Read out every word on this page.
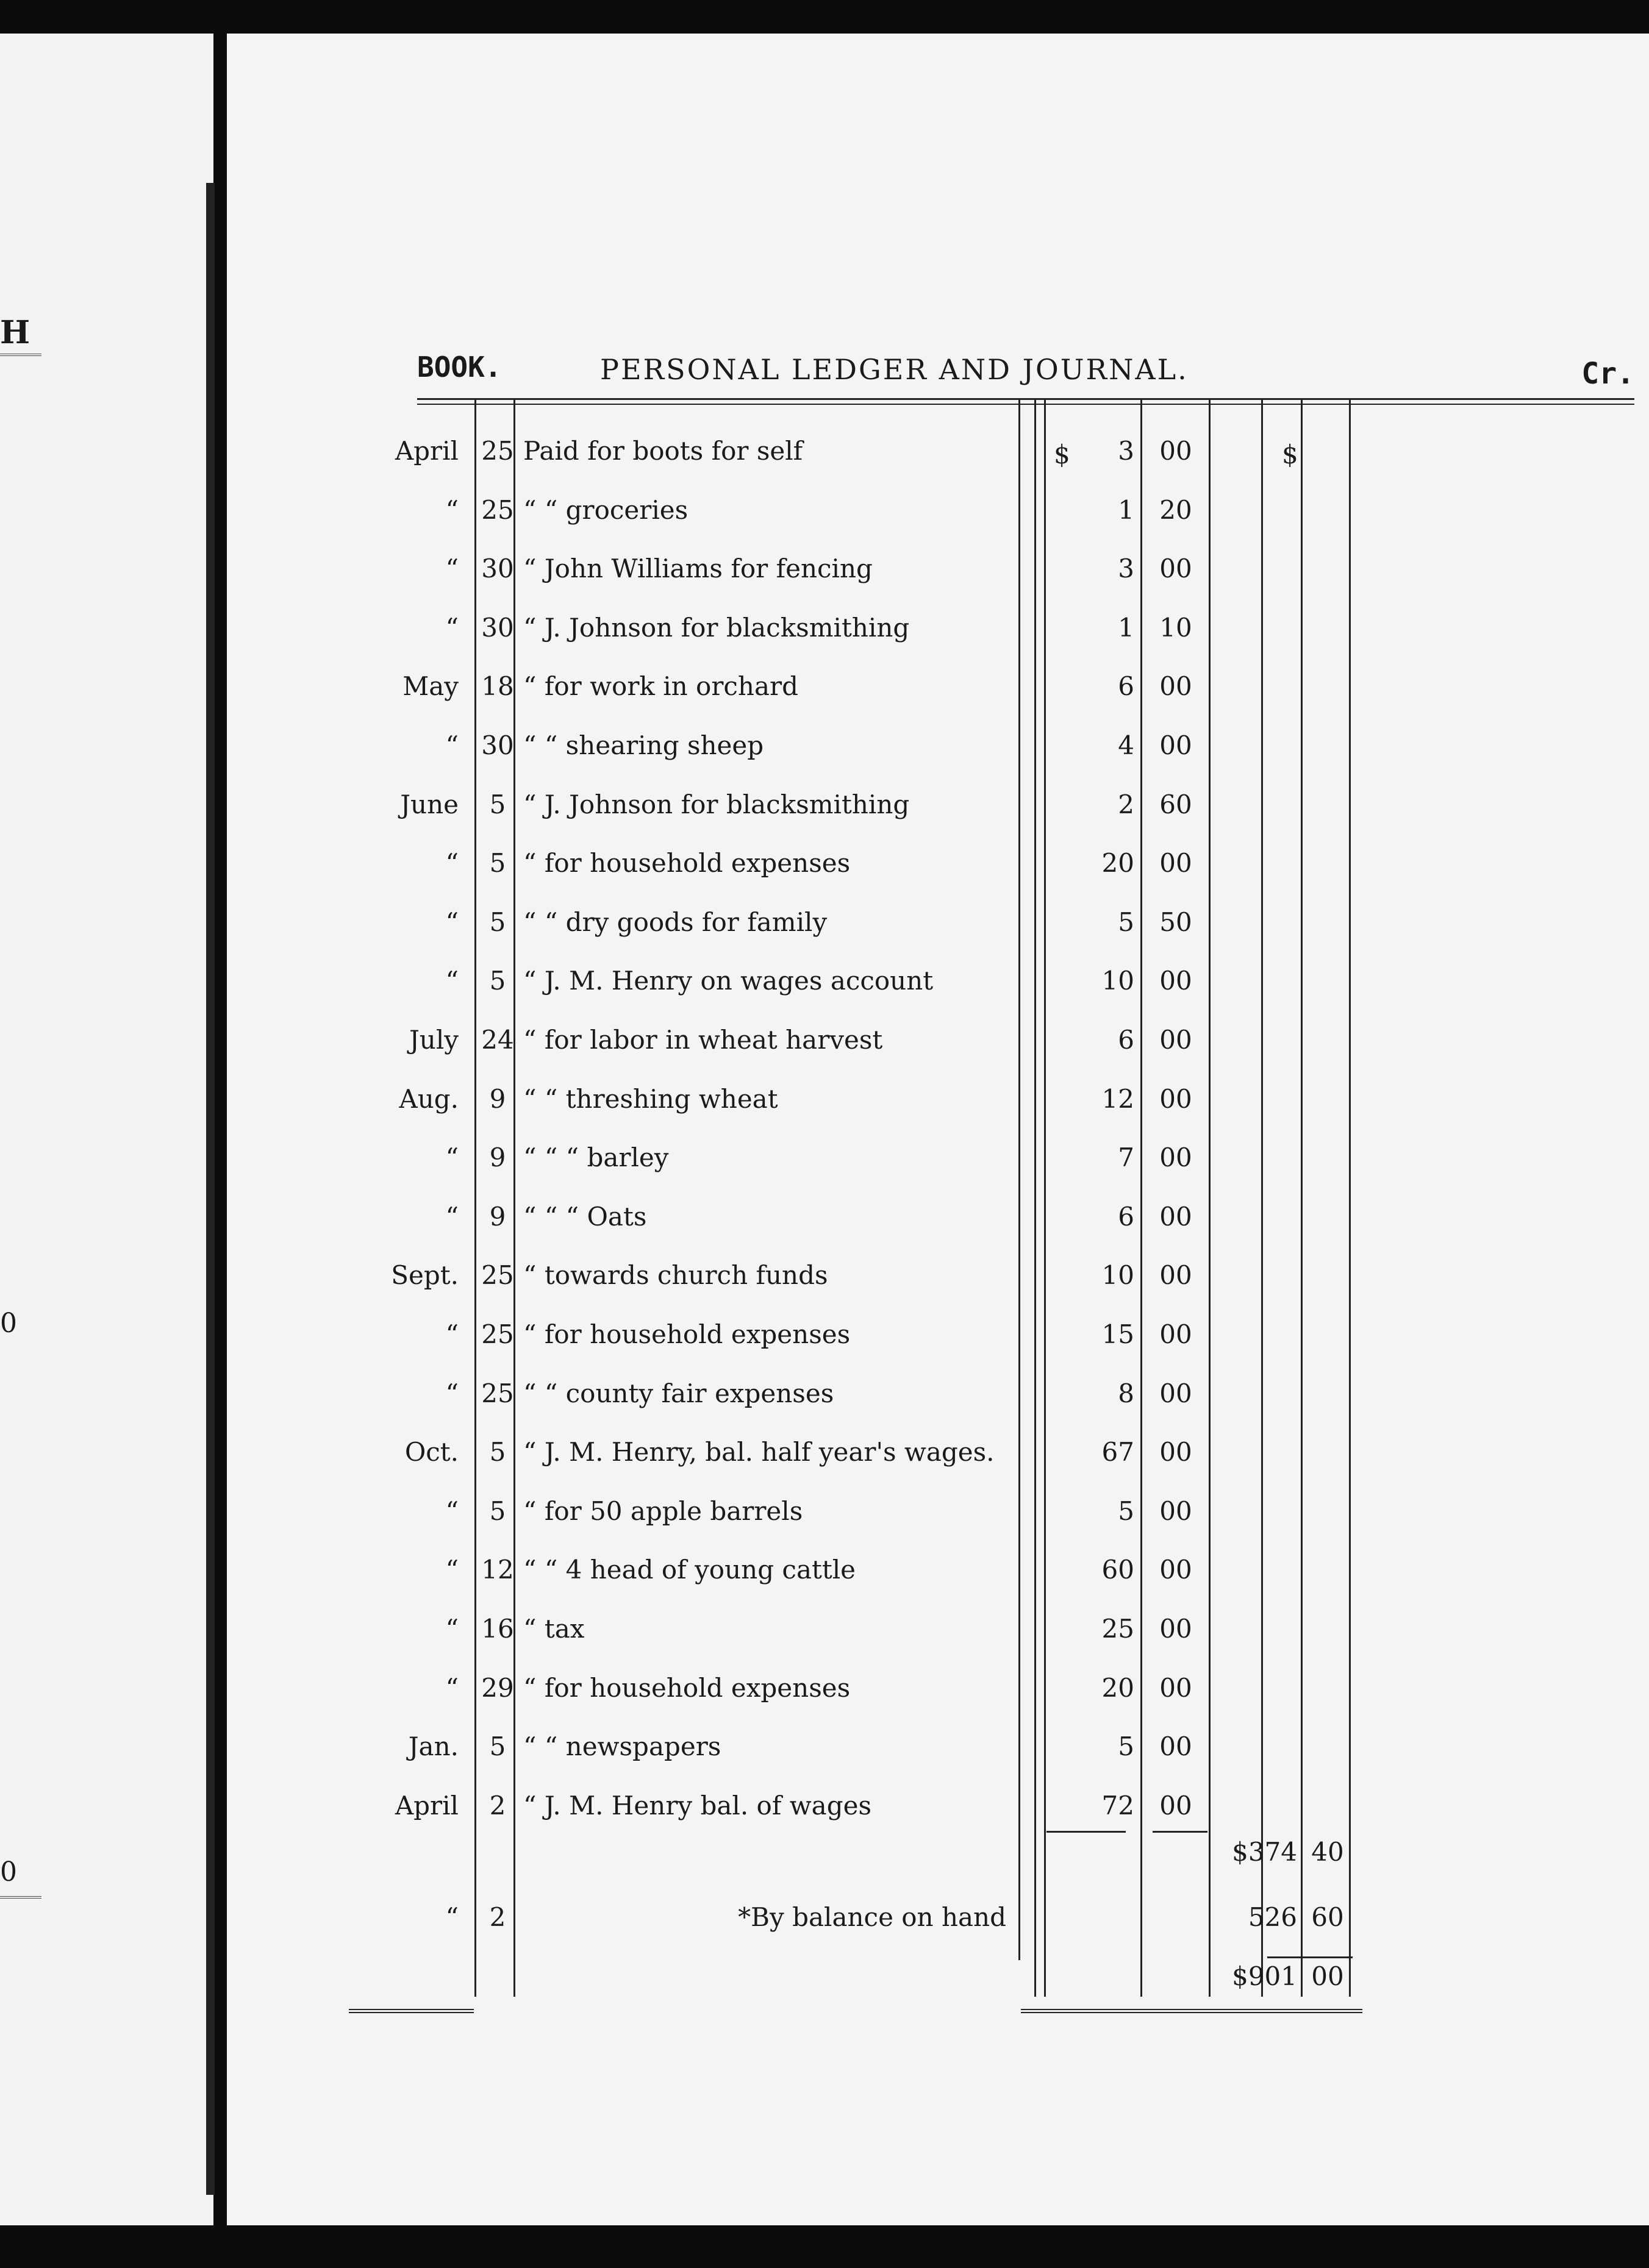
H
0
0
BOOK.	PERSONAL LEDGER AND JOURNAL.	Cr.
April 25 Paid for boots for self	3 00
“ 25 “ “ groceries	1 20
“ 30 “ John Williams for fencing	3 00
“ 30 “ J. Johnson for blacksmithing	1 10
May 18 “ for work in orchard	6 00
“ 30 “ “ shearing sheep	4 00
June	5 “ J. Johnson for blacksmithing	2 60
“	5 “ for household expenses	20 00
“	5 “ “ dry goods for family	5 50
“	5 “ J. M. Henry on wages account	10 00
July 24 “ for labor in wheat harvest	6 00
Aug.	9 “ “ threshing wheat	12 00
“	9 “ “ “ barley	7 00
“	9 “ “ “ Oats	6 00
Sept. 25 “ towards church funds	10 00
“ 25 “ for household expenses	15 00
“ 25 “ “ county fair expenses	8 00
Oct.	5 “ J. M. Henry, bal. half year's wages.	67 00
“	5 “ for 50 apple barrels	5 00
“ 12 “ “ 4 head of young cattle	60 00
“ 16 “ tax	25 00
“ 29 “ for household expenses	20 00
Jan.	5 “ “ newspapers	5 00
April	2 “ J. M. Henry bal. of wages	72 00
$	$
$374 40
“	2	*By balance on hand	526 60
$901 00
